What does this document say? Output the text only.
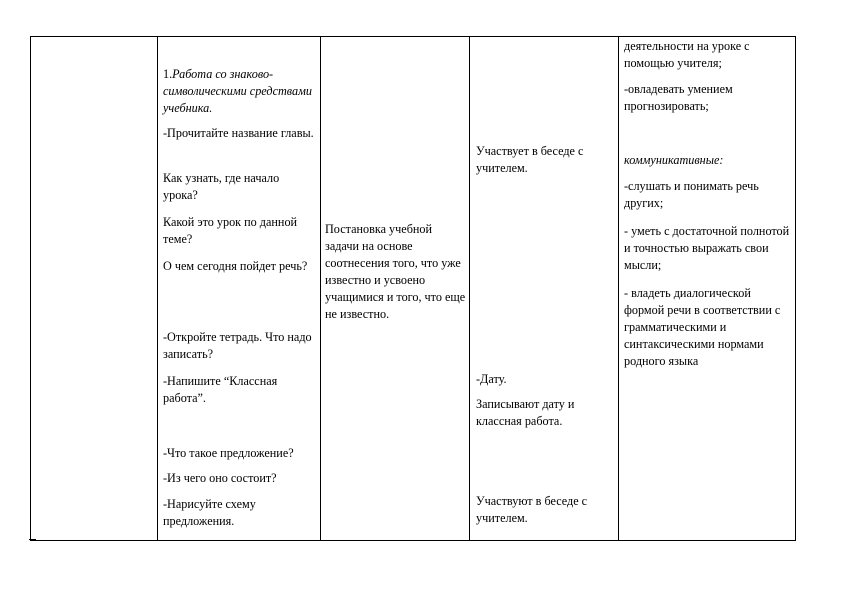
1.Работа со знаково-символическими средствами учебника.

-Прочитайте название главы.

Как узнать, где начало урока?

Какой это урок по данной теме?

О чем сегодня пойдет речь?

-Откройте тетрадь. Что надо записать?

-Напишите “Классная работа”.

-Что такое предложение?

-Из чего оно состоит?

-Нарисуйте схему предложения.

Постановка учебной задачи на основе соотнесения того, что уже известно и усвоено учащимися и того, что еще не известно.

Участвует в беседе с учителем.

-Дату.

Записывают дату и классная работа.

Участвуют в беседе с учителем.

деятельности на уроке с помощью учителя;

-овладевать умением прогнозировать;

коммуникативные:

-слушать и понимать речь других;

- уметь с достаточной полнотой и точностью выражать свои мысли;

- владеть диалогической формой речи в соответствии с грамматическими и синтаксическими нормами родного языка
